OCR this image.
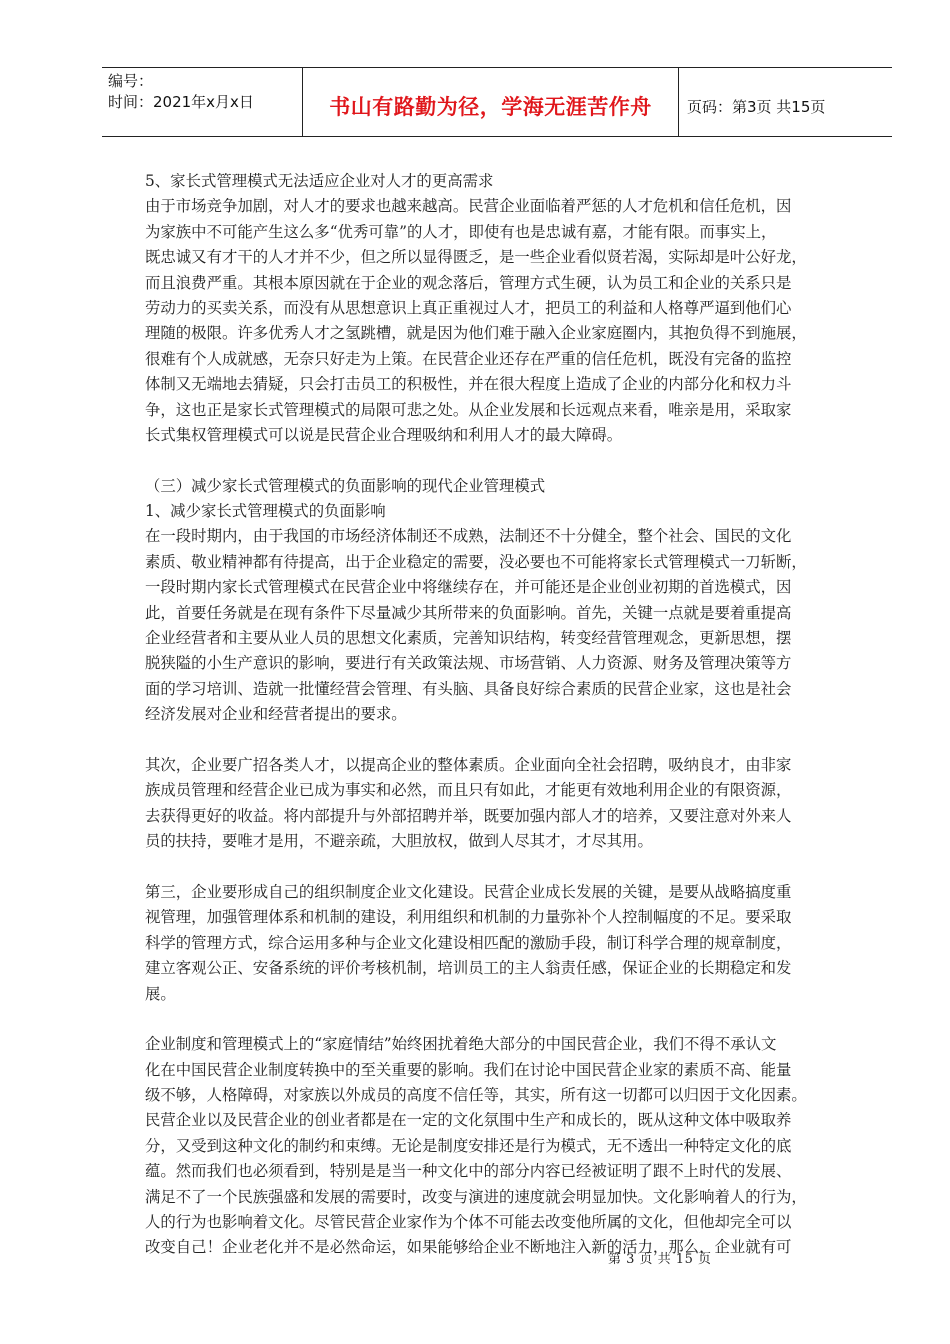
编号：
时间：2021年x月x日	书山有路勤为径，学海无涯苦作舟 页码：第3页 共15页
5、家长式管理模式无法适应企业对人才的更高需求
由于市场竞争加剧，对人才的要求也越来越高。民营企业面临着严惩的人才危机和信任危机，因
为家族中不可能产生这么多“优秀可靠”的人才，即使有也是忠诚有嘉，才能有限。而事实上，
既忠诚又有才干的人才并不少，但之所以显得匮乏，是一些企业看似贤若渴，实际却是叶公好龙，
而且浪费严重。其根本原因就在于企业的观念落后，管理方式生硬，认为员工和企业的关系只是
劳动力的买卖关系，而没有从思想意识上真正重视过人才，把员工的利益和人格尊严逼到他们心
理随的极限。许多优秀人才之氢跳槽，就是因为他们难于融入企业家庭圈内，其抱负得不到施展，
很难有个人成就感，无奈只好走为上策。在民营企业还存在严重的信任危机，既没有完备的监控
体制又无端地去猜疑，只会打击员工的积极性，并在很大程度上造成了企业的内部分化和权力斗
争，这也正是家长式管理模式的局限可悲之处。从企业发展和长远观点来看，唯亲是用，采取家
长式集权管理模式可以说是民营企业合理吸纳和利用人才的最大障碍。
（三）减少家长式管理模式的负面影响的现代企业管理模式
1、减少家长式管理模式的负面影响
在一段时期内，由于我国的市场经济体制还不成熟，法制还不十分健全，整个社会、国民的文化
素质、敬业精神都有待提高，出于企业稳定的需要，没必要也不可能将家长式管理模式一刀斩断，
一段时期内家长式管理模式在民营企业中将继续存在，并可能还是企业创业初期的首选模式，因
此，首要任务就是在现有条件下尽量减少其所带来的负面影响。首先，关键一点就是要着重提高
企业经营者和主要从业人员的思想文化素质，完善知识结构，转变经营管理观念，更新思想，摆
脱狭隘的小生产意识的影响，要进行有关政策法规、市场营销、人力资源、财务及管理决策等方
面的学习培训、造就一批懂经营会管理、有头脑、具备良好综合素质的民营企业家，这也是社会
经济发展对企业和经营者提出的要求。
其次，企业要广招各类人才，以提高企业的整体素质。企业面向全社会招聘，吸纳良才，由非家
族成员管理和经营企业已成为事实和必然，而且只有如此，才能更有效地利用企业的有限资源，
去获得更好的收益。将内部提升与外部招聘并举，既要加强内部人才的培养，又要注意对外来人
员的扶持，要唯才是用，不避亲疏，大胆放权，做到人尽其才，才尽其用。
第三，企业要形成自己的组织制度企业文化建设。民营企业成长发展的关键，是要从战略搞度重
视管理，加强管理体系和机制的建设，利用组织和机制的力量弥补个人控制幅度的不足。要采取
科学的管理方式，综合运用多种与企业文化建设相匹配的激励手段，制订科学合理的规章制度，
建立客观公正、安备系统的评价考核机制，培训员工的主人翁责任感，保证企业的长期稳定和发
展。
企业制度和管理模式上的“家庭情结”始终困扰着绝大部分的中国民营企业，我们不得不承认文
化在中国民营企业制度转换中的至关重要的影响。我们在讨论中国民营企业家的素质不高、能量
级不够，人格障碍，对家族以外成员的高度不信任等，其实，所有这一切都可以归因于文化因素。
民营企业以及民营企业的创业者都是在一定的文化氛围中生产和成长的，既从这种文体中吸取养
分，又受到这种文化的制约和束缚。无论是制度安排还是行为模式，无不透出一种特定文化的底
蕴。然而我们也必须看到，特别是是当一种文化中的部分内容已经被证明了跟不上时代的发展、
满足不了一个民族强盛和发展的需要时，改变与演进的速度就会明显加快。文化影响着人的行为，
人的行为也影响着文化。尽管民营企业家作为个体不可能去改变他所属的文化，但他却完全可以
改变自己！企业老化并不是必然命运，如果能够给企业不断地注入新的活力，那么，企业就有可
第 3 页 共 15 页
